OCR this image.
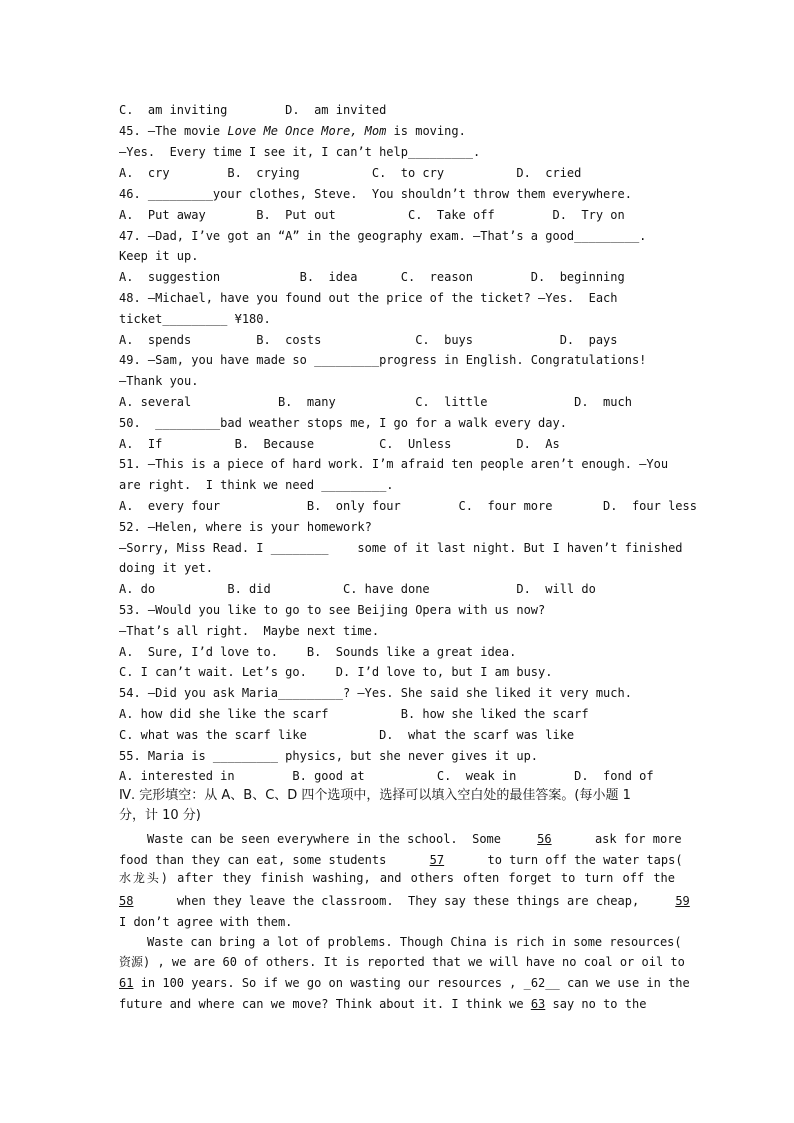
C.  am inviting        D.  am invited
45. —The movie Love Me Once More, Mom is moving.
—Yes.  Every time I see it, I can’t help_________.
A.  cry        B.  crying          C.  to cry          D.  cried
46. _________your clothes, Steve.  You shouldn’t throw them everywhere.
A.  Put away       B.  Put out          C.  Take off        D.  Try on
47. —Dad, I’ve got an “A” in the geography exam. —That’s a good_________.
Keep it up.
A.  suggestion           B.  idea      C.  reason        D.  beginning
48. —Michael, have you found out the price of the ticket? —Yes.  Each
ticket_________ ¥180.
A.  spends         B.  costs             C.  buys            D.  pays
49. —Sam, you have made so _________progress in English. Congratulations!
—Thank you.
A. several            B.  many           C.  little            D.  much
50.  _________bad weather stops me, I go for a walk every day.
A.  If          B.  Because         C.  Unless         D.  As
51. —This is a piece of hard work. I’m afraid ten people aren’t enough. —You
are right.  I think we need _________.
A.  every four            B.  only four        C.  four more       D.  four less
52. —Helen, where is your homework?
—Sorry, Miss Read. I ________    some of it last night. But I haven’t finished
doing it yet.
A. do          B. did          C. have done            D.  will do
53. —Would you like to go to see Beijing Opera with us now?
—That’s all right.  Maybe next time.
A.  Sure, I’d love to.    B.  Sounds like a great idea.
C. I can’t wait. Let’s go.    D. I’d love to, but I am busy.
54. —Did you ask Maria_________? —Yes. She said she liked it very much.
A. how did she like the scarf          B. how she liked the scarf
C. what was the scarf like          D.  what the scarf was like
55. Maria is _________ physics, but she never gives it up.
A. interested in        B. good at          C.  weak in        D.  fond of
Ⅳ. 完形填空：从 A、B、C、D 四个选项中，选择可以填入空白处的最佳答案。(每小题 1
分，计 10 分)
Waste can be seen everywhere in the school.  Some	56	ask for more
food than they can eat, some students	57	to turn off the water taps(
水龙头) after they finish washing, and others often forget to turn off the
58	when they leave the classroom.  They say these things are cheap,	59
I don’t agree with them.
Waste can bring a lot of problems. Though China is rich in some resources(
资源) , we are 60 of others. It is reported that we will have no coal or oil to
61 in 100 years. So if we go on wasting our resources , _62__ can we use in the
future and where can we move? Think about it. I think we 63 say no to the
